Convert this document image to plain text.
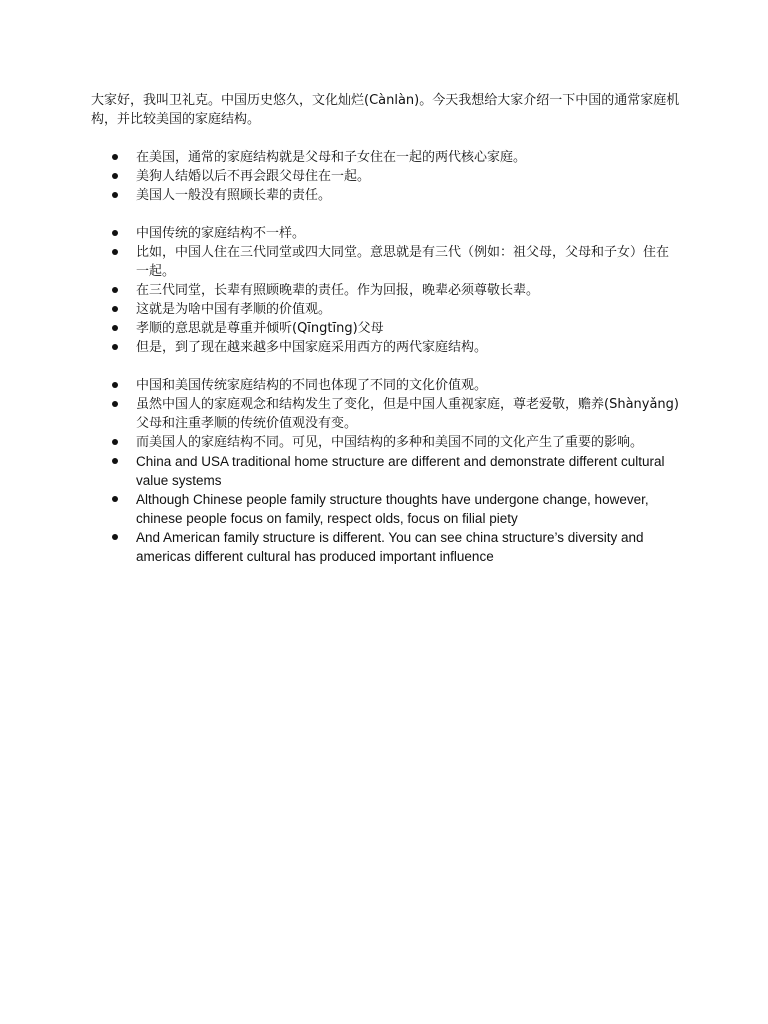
大家好，我叫卫礼克。中国历史悠久，文化灿烂(Cànlàn)。今天我想给大家介绍一下中国的通常家庭机构，并比较美国的家庭结构。

在美国，通常的家庭结构就是父母和子女住在一起的两代核心家庭。
美狗人结婚以后不再会跟父母住在一起。
美国人一般没有照顾长辈的责任。
中国传统的家庭结构不一样。
比如，中国人住在三代同堂或四大同堂。意思就是有三代（例如：祖父母，父母和子女）住在一起。
在三代同堂，长辈有照顾晚辈的责任。作为回报，晚辈必须尊敬长辈。
这就是为啥中国有孝顺的价值观。
孝顺的意思就是尊重并倾听(Qīngtīng)父母
但是，到了现在越来越多中国家庭采用西方的两代家庭结构。
中国和美国传统家庭结构的不同也体现了不同的文化价值观。
虽然中国人的家庭观念和结构发生了变化，但是中国人重视家庭，尊老爱敬，赡养(Shànyǎng)父母和注重孝顺的传统价值观没有变。
而美国人的家庭结构不同。可见，中国结构的多种和美国不同的文化产生了重要的影响。
China and USA traditional home structure are different and demonstrate different cultural value systems
Although Chinese people family structure thoughts have undergone change, however, chinese people focus on family, respect olds, focus on filial piety
And American family structure is different. You can see china structure’s diversity and americas different cultural has produced important influence
